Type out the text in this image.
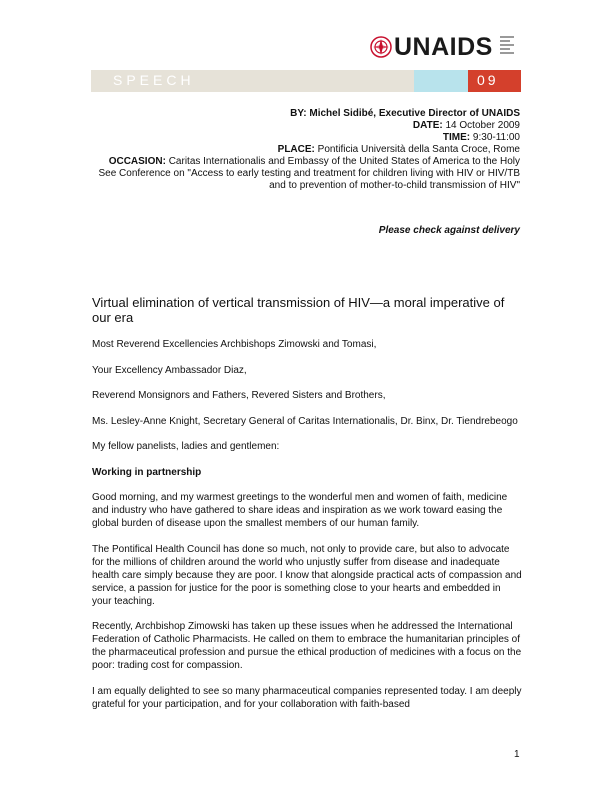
UNAIDS
SPEECH	09
BY: Michel Sidibé, Executive Director of UNAIDS
DATE: 14 October 2009
TIME: 9:30-11:00
PLACE: Pontificia Università della Santa Croce, Rome
OCCASION: Caritas Internationalis and Embassy of the United States of America to the Holy See Conference on "Access to early testing and treatment for children living with HIV or HIV/TB and to prevention of mother-to-child transmission of HIV"
Please check against delivery
Virtual elimination of vertical transmission of HIV—a moral imperative of our era

Most Reverend Excellencies Archbishops Zimowski and Tomasi,

Your Excellency Ambassador Diaz,

Reverend Monsignors and Fathers, Revered Sisters and Brothers,

Ms. Lesley-Anne Knight, Secretary General of Caritas Internationalis, Dr. Binx, Dr. Tiendrebeogo

My fellow panelists, ladies and gentlemen:

Working in partnership

Good morning, and my warmest greetings to the wonderful men and women of faith, medicine and industry who have gathered to share ideas and inspiration as we work toward easing the global burden of disease upon the smallest members of our human family.

The Pontifical Health Council has done so much, not only to provide care, but also to advocate for the millions of children around the world who unjustly suffer from disease and inadequate health care simply because they are poor. I know that alongside practical acts of compassion and service, a passion for justice for the poor is something close to your hearts and embedded in your teaching.

Recently, Archbishop Zimowski has taken up these issues when he addressed the International Federation of Catholic Pharmacists. He called on them to embrace the humanitarian principles of the pharmaceutical profession and pursue the ethical production of medicines with a focus on the poor: trading cost for compassion.

I am equally delighted to see so many pharmaceutical companies represented today. I am deeply grateful for your participation, and for your collaboration with faith-based

1
